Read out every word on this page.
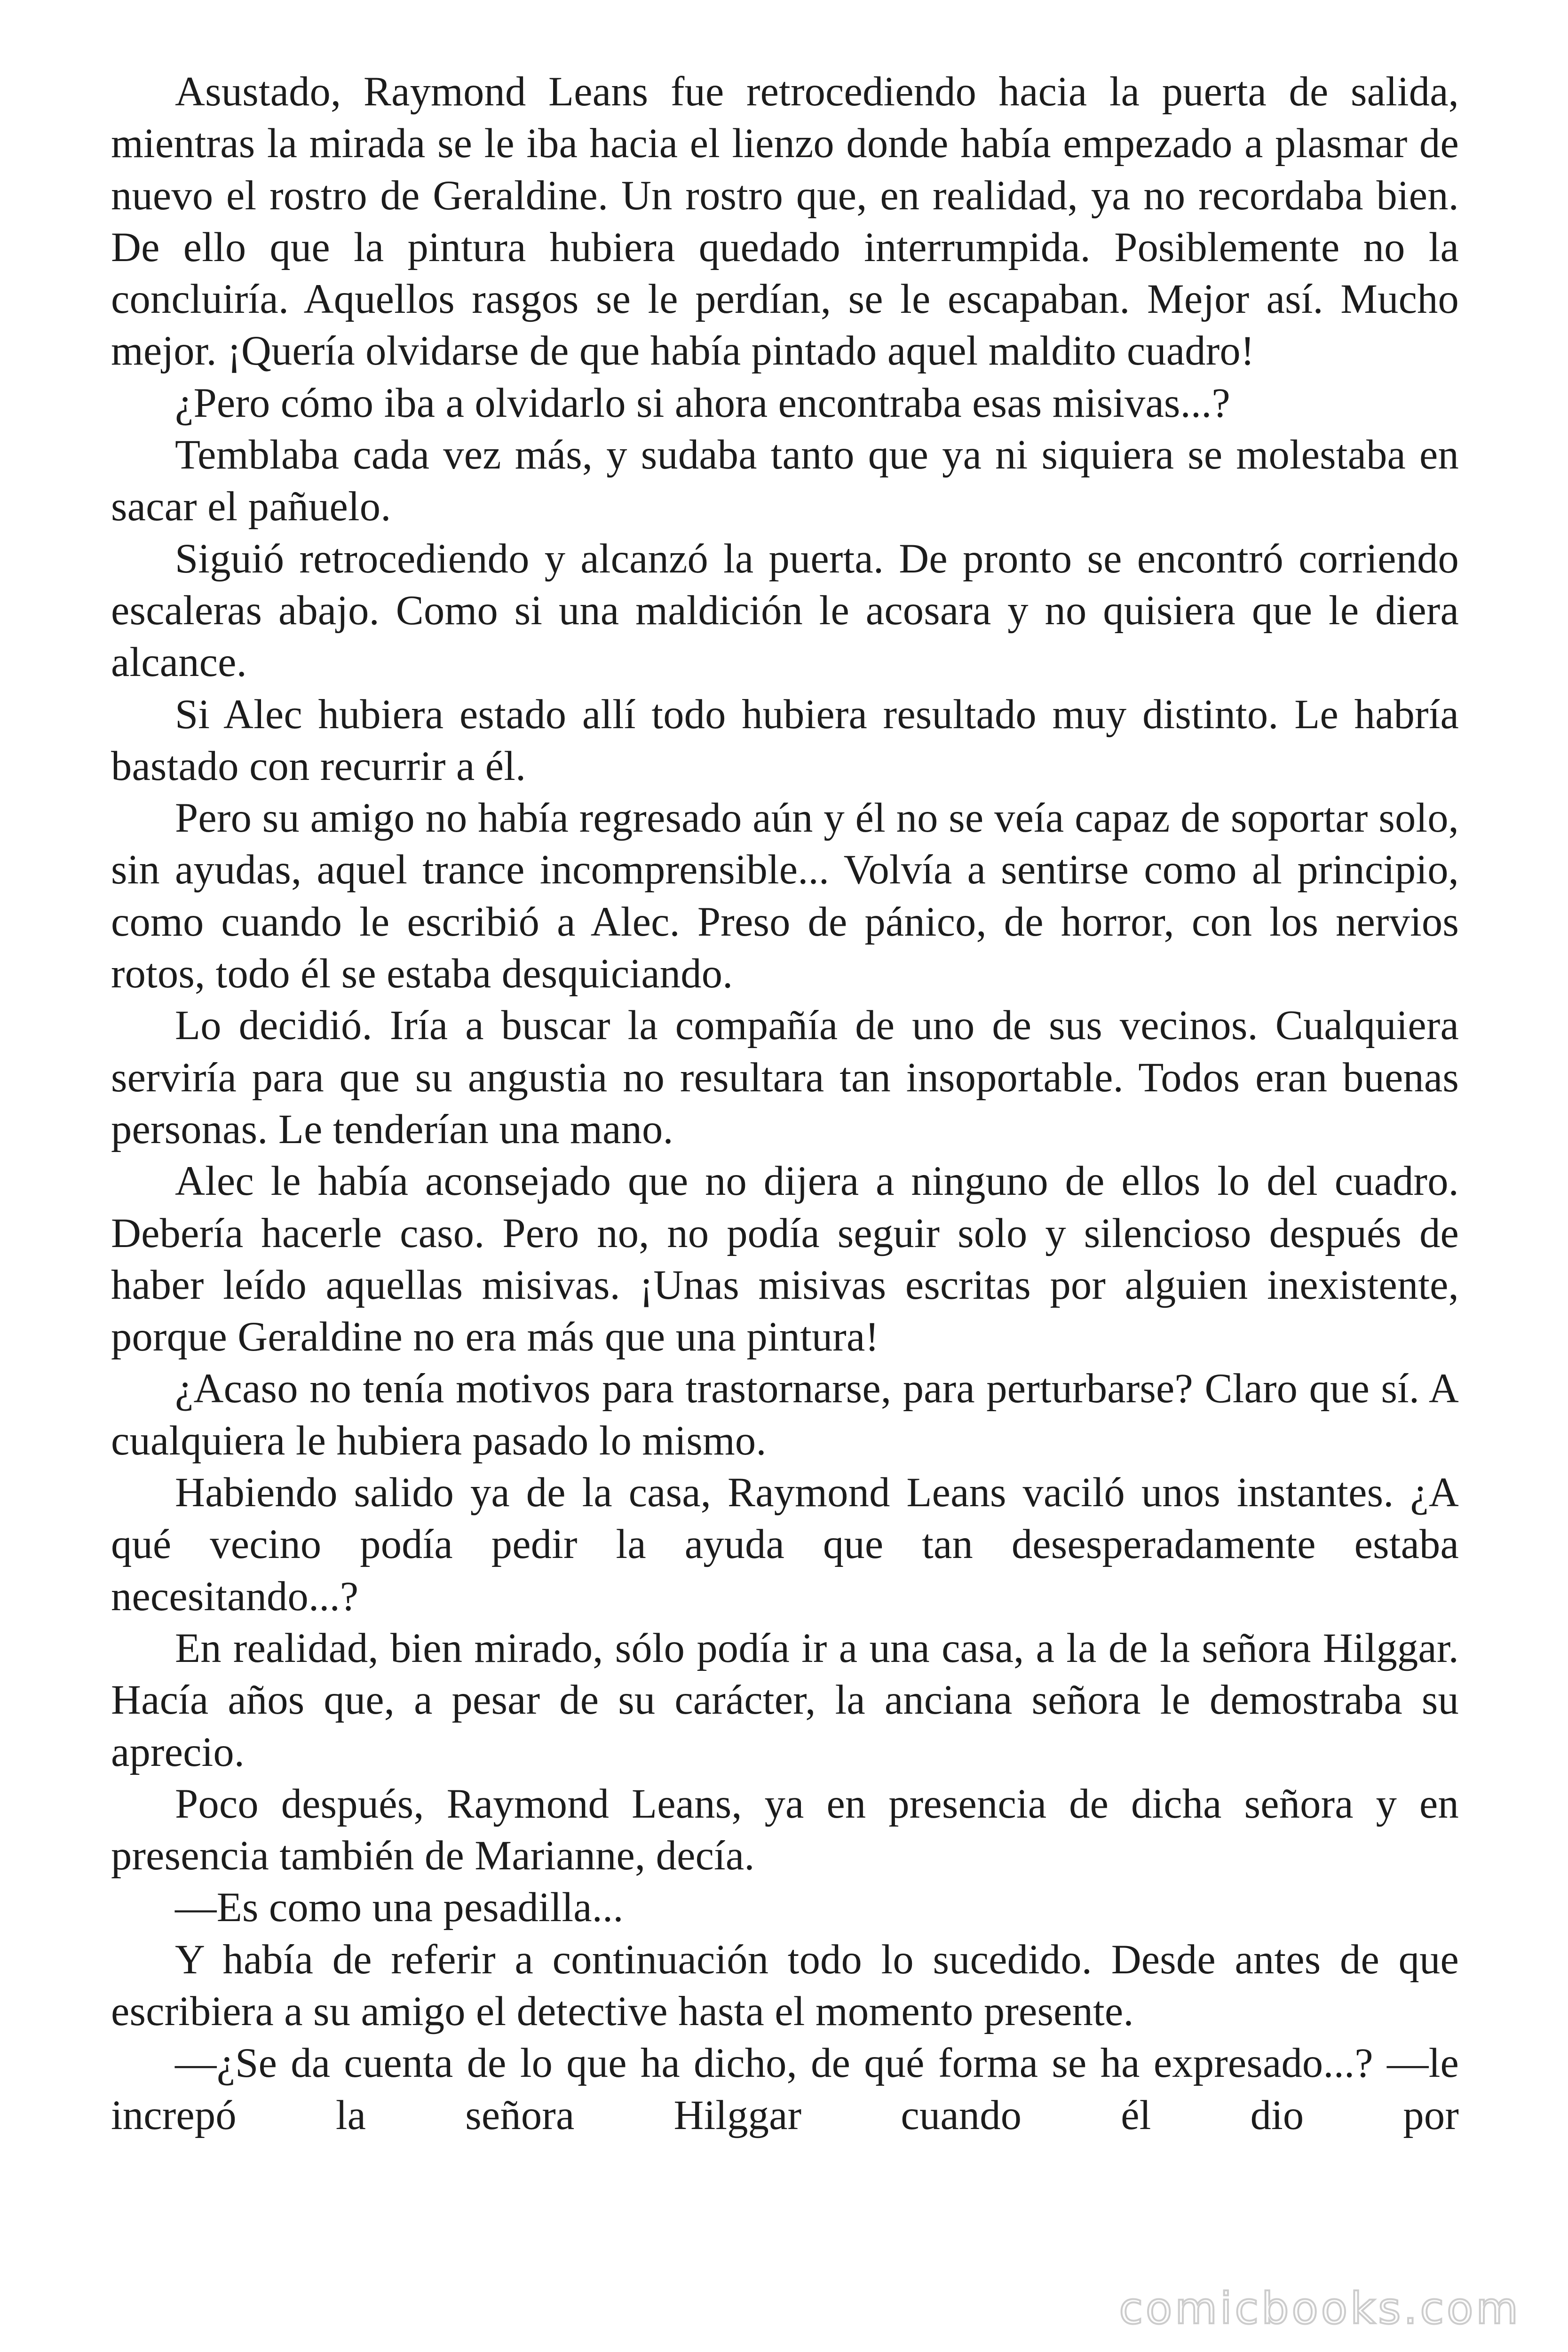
Asustado, Raymond Leans fue retrocediendo hacia la puerta de salida, mientras la mirada se le iba hacia el lienzo donde había empezado a plasmar de nuevo el rostro de Geraldine. Un rostro que, en realidad, ya no recordaba bien. De ello que la pintura hubiera quedado interrumpida. Posiblemente no la concluiría. Aquellos rasgos se le perdían, se le escapaban. Mejor así. Mucho mejor. ¡Quería olvidarse de que había pintado aquel maldito cuadro!

¿Pero cómo iba a olvidarlo si ahora encontraba esas misivas...?

Temblaba cada vez más, y sudaba tanto que ya ni siquiera se molestaba en sacar el pañuelo.

Siguió retrocediendo y alcanzó la puerta. De pronto se encontró corriendo escaleras abajo. Como si una maldición le acosara y no quisiera que le diera alcance.

Si Alec hubiera estado allí todo hubiera resultado muy distinto. Le habría bastado con recurrir a él.

Pero su amigo no había regresado aún y él no se veía capaz de soportar solo, sin ayudas, aquel trance incomprensible... Volvía a sentirse como al principio, como cuando le escribió a Alec. Preso de pánico, de horror, con los nervios rotos, todo él se estaba desquiciando.

Lo decidió. Iría a buscar la compañía de uno de sus vecinos. Cualquiera serviría para que su angustia no resultara tan insoportable. Todos eran buenas personas. Le tenderían una mano.

Alec le había aconsejado que no dijera a ninguno de ellos lo del cuadro. Debería hacerle caso. Pero no, no podía seguir solo y silencioso después de haber leído aquellas misivas. ¡Unas misivas escritas por alguien inexistente, porque Geraldine no era más que una pintura!

¿Acaso no tenía motivos para trastornarse, para perturbarse? Claro que sí. A cualquiera le hubiera pasado lo mismo.

Habiendo salido ya de la casa, Raymond Leans vaciló unos instantes. ¿A qué vecino podía pedir la ayuda que tan desesperadamente estaba necesitando...?

En realidad, bien mirado, sólo podía ir a una casa, a la de la señora Hilggar. Hacía años que, a pesar de su carácter, la anciana señora le demostraba su aprecio.

Poco después, Raymond Leans, ya en presencia de dicha señora y en presencia también de Marianne, decía.

—Es como una pesadilla...

Y había de referir a continuación todo lo sucedido. Desde antes de que escribiera a su amigo el detective hasta el momento presente.

—¿Se da cuenta de lo que ha dicho, de qué forma se ha expresado...? —le increpó la señora Hilggar cuando él dio por

comicbooks.com
